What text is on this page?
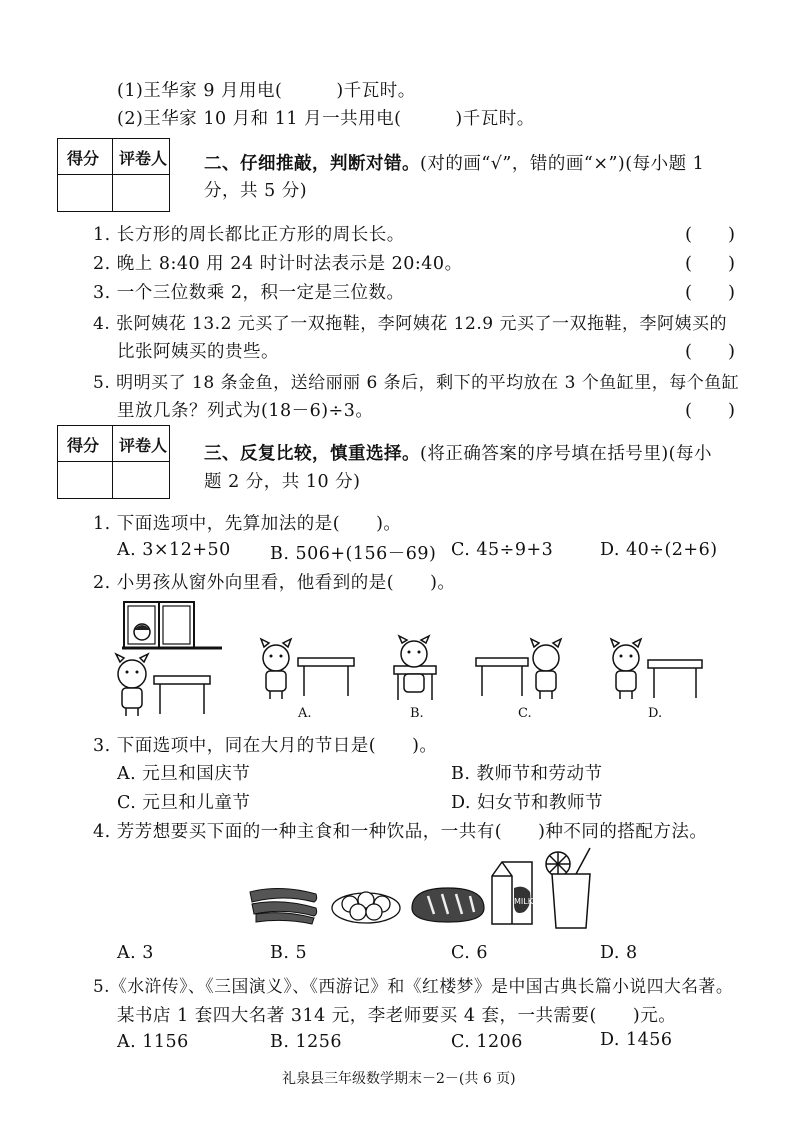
(1)王华家 9 月用电(　　　)千瓦时。
(2)王华家 10 月和 11 月一共用电(　　　)千瓦时。
得分 评卷人 二、仔细推敲，判断对错。(对的画“√”，错的画“×”)(每小题 1
分，共 5 分)
1. 长方形的周长都比正方形的周长长。	(　　)
2. 晚上 8:40 用 24 时计时法表示是 20:40。	(　　)
3. 一个三位数乘 2，积一定是三位数。	(　　)
4. 张阿姨花 13.2 元买了一双拖鞋，李阿姨花 12.9 元买了一双拖鞋，李阿姨买的
比张阿姨买的贵些。	(　　)
5. 明明买了 18 条金鱼，送给丽丽 6 条后，剩下的平均放在 3 个鱼缸里，每个鱼缸
里放几条？列式为(18－6)÷3。	(　　)
得分 评卷人 三、反复比较，慎重选择。(将正确答案的序号填在括号里)(每小
题 2 分，共 10 分)
1. 下面选项中，先算加法的是(　　)。
A. 3×12+50 B. 506+(156－69) C. 45÷9+3	D. 40÷(2+6)
2. 小男孩从窗外向里看，他看到的是(　　)。
A.	B.	C.	D.
3. 下面选项中，同在大月的节日是(　　)。
A. 元旦和国庆节	B. 教师节和劳动节
C. 元旦和儿童节	D. 妇女节和教师节
4. 芳芳想要买下面的一种主食和一种饮品，一共有(　　)种不同的搭配方法。
MILK
A. 3	B. 5	C. 6	D. 8
5.《水浒传》、《三国演义》、《西游记》和《红楼梦》是中国古典长篇小说四大名著。
某书店 1 套四大名著 314 元，李老师要买 4 套，一共需要(　　)元。
A. 1156	B. 1256	C. 1206	D. 1456
礼泉县三年级数学期末－2－(共 6 页)
